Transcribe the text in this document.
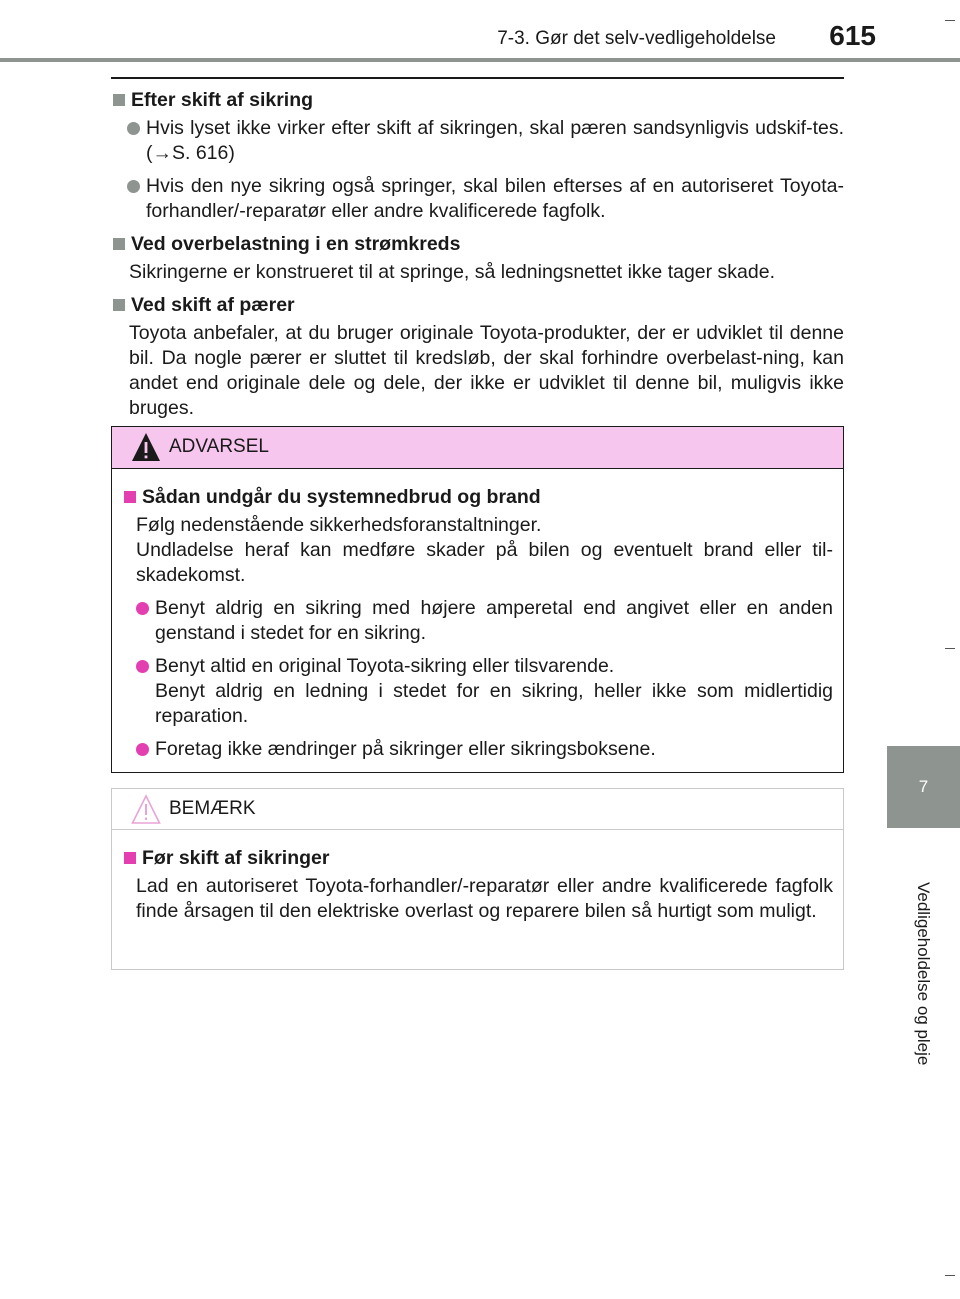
7-3. Gør det selv-vedligeholdelse	615
7
Vedligeholdelse og pleje
Efter skift af sikring
Hvis lyset ikke virker efter skift af sikringen, skal pæren sandsynligvis udskif-tes. (→S. 616)
Hvis den nye sikring også springer, skal bilen efterses af en autoriseret Toyota-forhandler/-reparatør eller andre kvalificerede fagfolk.
Ved overbelastning i en strømkreds
Sikringerne er konstrueret til at springe, så ledningsnettet ikke tager skade.
Ved skift af pærer
Toyota anbefaler, at du bruger originale Toyota-produkter, der er udviklet til denne bil. Da nogle pærer er sluttet til kredsløb, der skal forhindre overbelast-ning, kan andet end originale dele og dele, der ikke er udviklet til denne bil, muligvis ikke bruges.
ADVARSEL
Sådan undgår du systemnedbrud og brand
Følg nedenstående sikkerhedsforanstaltninger.
Undladelse heraf kan medføre skader på bilen og eventuelt brand eller til-skadekomst.
Benyt aldrig en sikring med højere amperetal end angivet eller en anden genstand i stedet for en sikring.
Benyt altid en original Toyota-sikring eller tilsvarende.
Benyt aldrig en ledning i stedet for en sikring, heller ikke som midlertidig reparation.
Foretag ikke ændringer på sikringer eller sikringsboksene.
BEMÆRK
Før skift af sikringer
Lad en autoriseret Toyota-forhandler/-reparatør eller andre kvalificerede fagfolk finde årsagen til den elektriske overlast og reparere bilen så hurtigt som muligt.
